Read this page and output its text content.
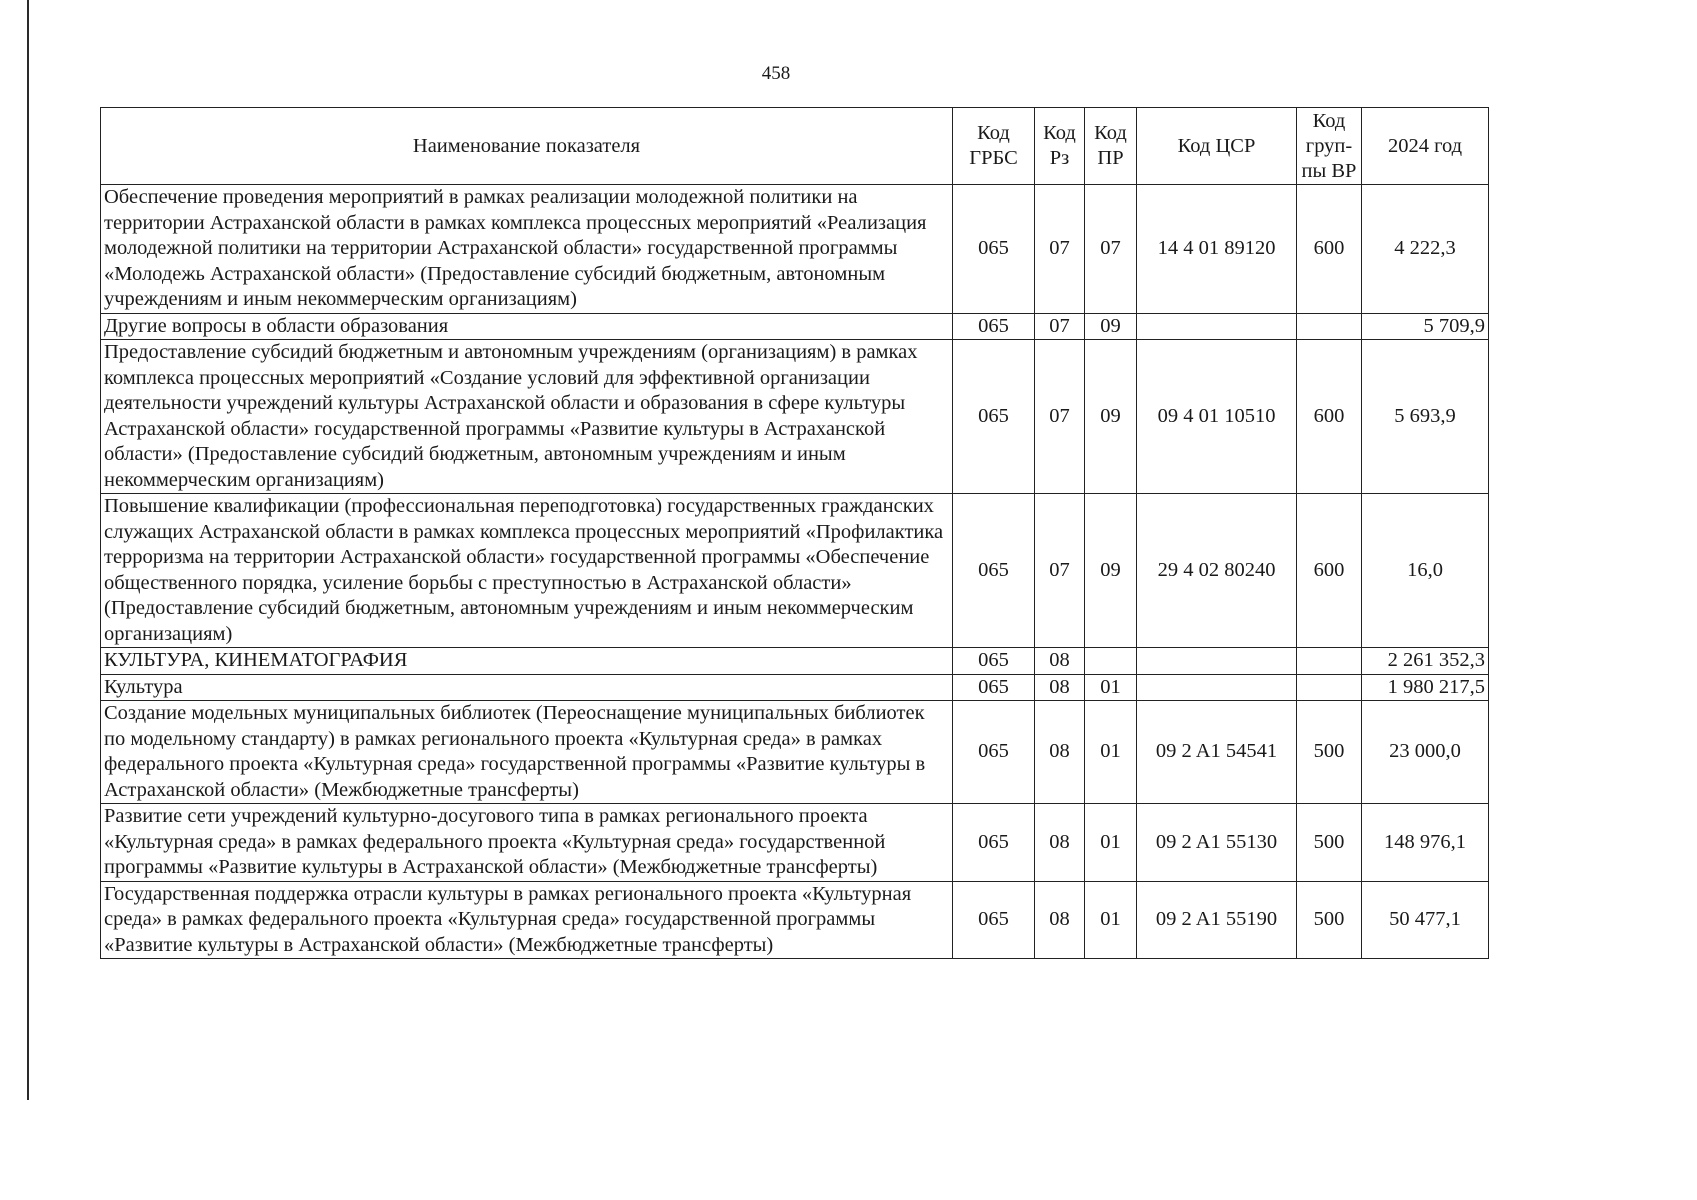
458
Наименование показателя	Код ГРБС	Код Рз	Код ПР	Код ЦСР	Код груп-пы ВР	2024 год
Обеспечение проведения мероприятий в рамках реализации молодежной политики на территории Астраханской области в рамках комплекса процессных мероприятий «Реализация молодежной политики на территории Астраханской области» государственной программы «Молодежь Астраханской области» (Предоставление субсидий бюджетным, автономным учреждениям и иным некоммерческим организациям)	065	07	07	14 4 01 89120	600	4 222,3
Другие вопросы в области образования	065	07	09			5 709,9
Предоставление субсидий бюджетным и автономным учреждениям (организациям) в рамках комплекса процессных мероприятий «Создание условий для эффективной организации деятельности учреждений культуры Астраханской области и образования в сфере культуры Астраханской области» государственной программы «Развитие культуры в Астраханской области» (Предоставление субсидий бюджетным, автономным учреждениям и иным некоммерческим организациям)	065	07	09	09 4 01 10510	600	5 693,9
Повышение квалификации (профессиональная переподготовка) государственных гражданских служащих Астраханской области в рамках комплекса процессных мероприятий «Профилактика терроризма на территории Астраханской области» государственной программы «Обеспечение общественного порядка, усиление борьбы с преступностью в Астраханской области» (Предоставление субсидий бюджетным, автономным учреждениям и иным некоммерческим организациям)	065	07	09	29 4 02 80240	600	16,0
КУЛЬТУРА, КИНЕМАТОГРАФИЯ	065	08				2 261 352,3
Культура	065	08	01			1 980 217,5
Создание модельных муниципальных библиотек (Переоснащение муниципальных библиотек по модельному стандарту) в рамках регионального проекта «Культурная среда» в рамках федерального проекта «Культурная среда» государственной программы «Развитие культуры в Астраханской области» (Межбюджетные трансферты)	065	08	01	09 2 A1 54541	500	23 000,0
Развитие сети учреждений культурно-досугового типа в рамках регионального проекта «Культурная среда» в рамках федерального проекта «Культурная среда» государственной программы «Развитие культуры в Астраханской области» (Межбюджетные трансферты)	065	08	01	09 2 A1 55130	500	148 976,1
Государственная поддержка отрасли культуры в рамках регионального проекта «Культурная среда» в рамках федерального проекта «Культурная среда» государственной программы «Развитие культуры в Астраханской области» (Межбюджетные трансферты)	065	08	01	09 2 A1 55190	500	50 477,1
